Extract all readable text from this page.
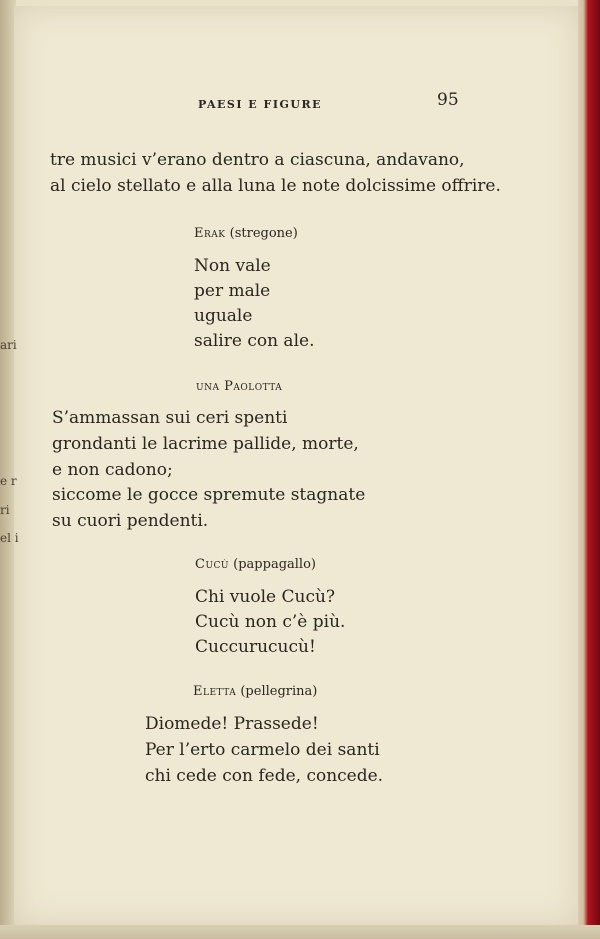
ari
e r
ri
el i
PAESI E FIGURE	95
tre musici v’erano dentro a ciascuna, andavano,
al cielo stellato e alla luna le note dolcissime offrire.
Erak (stregone)
Non vale
per male
uguale
salire con ale.
una Paolotta
S’ammassan sui ceri spenti
grondanti le lacrime pallide, morte,
e non cadono;
siccome le gocce spremute stagnate
su cuori pendenti.
Cucù (pappagallo)
Chi vuole Cucù?
Cucù non c’è più.
Cuccurucucù!
Eletta (pellegrina)
Diomede! Prassede!
Per l’erto carmelo dei santi
chi cede con fede, concede.
